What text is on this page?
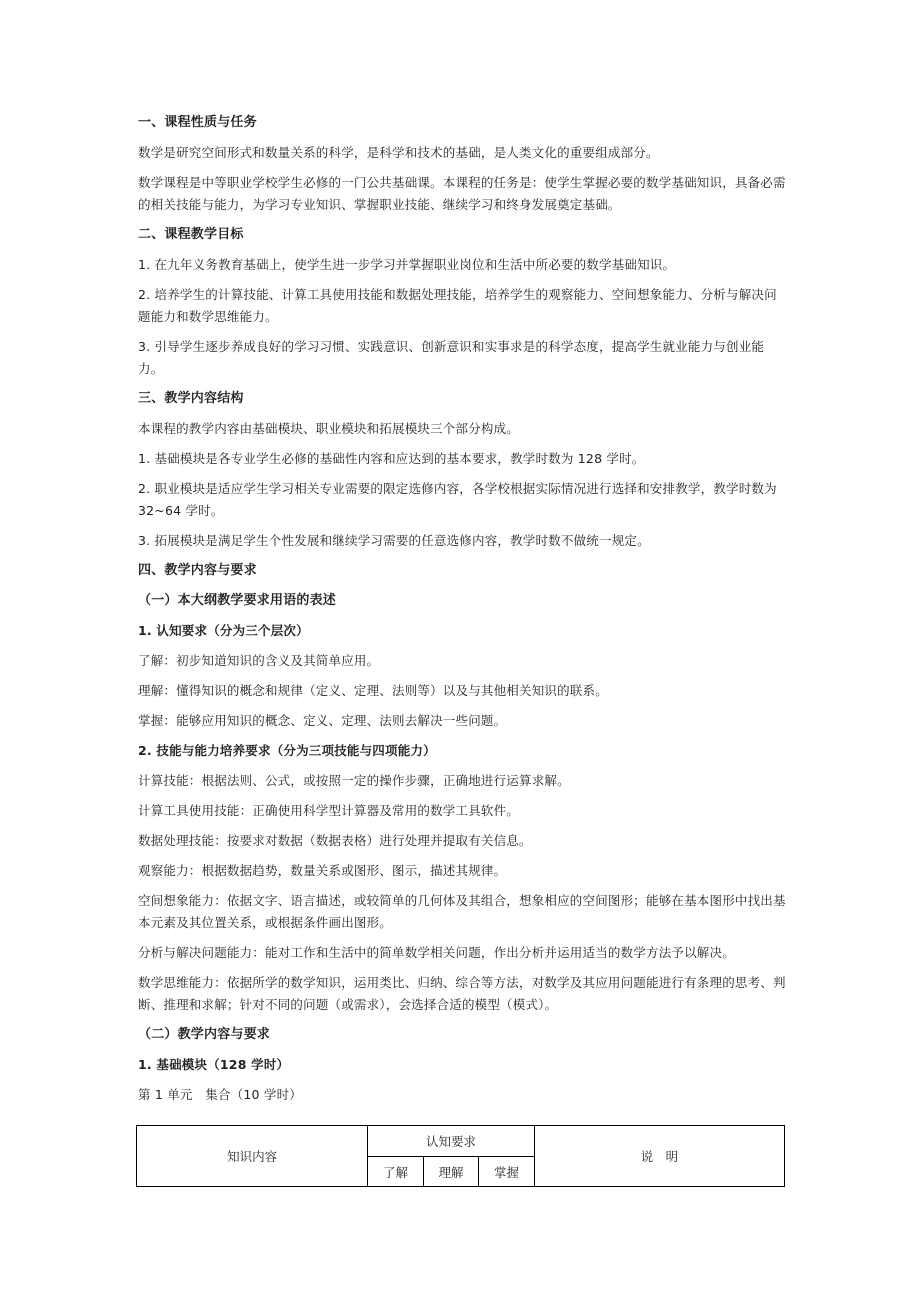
一、课程性质与任务
数学是研究空间形式和数量关系的科学，是科学和技术的基础，是人类文化的重要组成部分。
数学课程是中等职业学校学生必修的一门公共基础课。本课程的任务是：使学生掌握必要的数学基础知识，具备必需的相关技能与能力，为学习专业知识、掌握职业技能、继续学习和终身发展奠定基础。
二、课程教学目标
1. 在九年义务教育基础上，使学生进一步学习并掌握职业岗位和生活中所必要的数学基础知识。
2. 培养学生的计算技能、计算工具使用技能和数据处理技能，培养学生的观察能力、空间想象能力、分析与解决问题能力和数学思维能力。
3. 引导学生逐步养成良好的学习习惯、实践意识、创新意识和实事求是的科学态度，提高学生就业能力与创业能力。
三、教学内容结构
本课程的教学内容由基础模块、职业模块和拓展模块三个部分构成。
1. 基础模块是各专业学生必修的基础性内容和应达到的基本要求，教学时数为 128 学时。
2. 职业模块是适应学生学习相关专业需要的限定选修内容，各学校根据实际情况进行选择和安排教学，教学时数为 32~64 学时。
3. 拓展模块是满足学生个性发展和继续学习需要的任意选修内容，教学时数不做统一规定。
四、教学内容与要求
（一）本大纲教学要求用语的表述
1. 认知要求（分为三个层次）
了解：初步知道知识的含义及其简单应用。
理解：懂得知识的概念和规律（定义、定理、法则等）以及与其他相关知识的联系。
掌握：能够应用知识的概念、定义、定理、法则去解决一些问题。
2. 技能与能力培养要求（分为三项技能与四项能力）
计算技能：根据法则、公式，或按照一定的操作步骤，正确地进行运算求解。
计算工具使用技能：正确使用科学型计算器及常用的数学工具软件。
数据处理技能：按要求对数据（数据表格）进行处理并提取有关信息。
观察能力：根据数据趋势，数量关系或图形、图示，描述其规律。
空间想象能力：依据文字、语言描述，或较简单的几何体及其组合，想象相应的空间图形；能够在基本图形中找出基本元素及其位置关系，或根据条件画出图形。
分析与解决问题能力：能对工作和生活中的简单数学相关问题，作出分析并运用适当的数学方法予以解决。
数学思维能力：依据所学的数学知识，运用类比、归纳、综合等方法，对数学及其应用问题能进行有条理的思考、判断、推理和求解；针对不同的问题（或需求），会选择合适的模型（模式）。
（二）教学内容与要求
1. 基础模块（128 学时）
第 1 单元　集合（10 学时）
知识内容	认知要求			说　明
	了解	理解	掌握	
